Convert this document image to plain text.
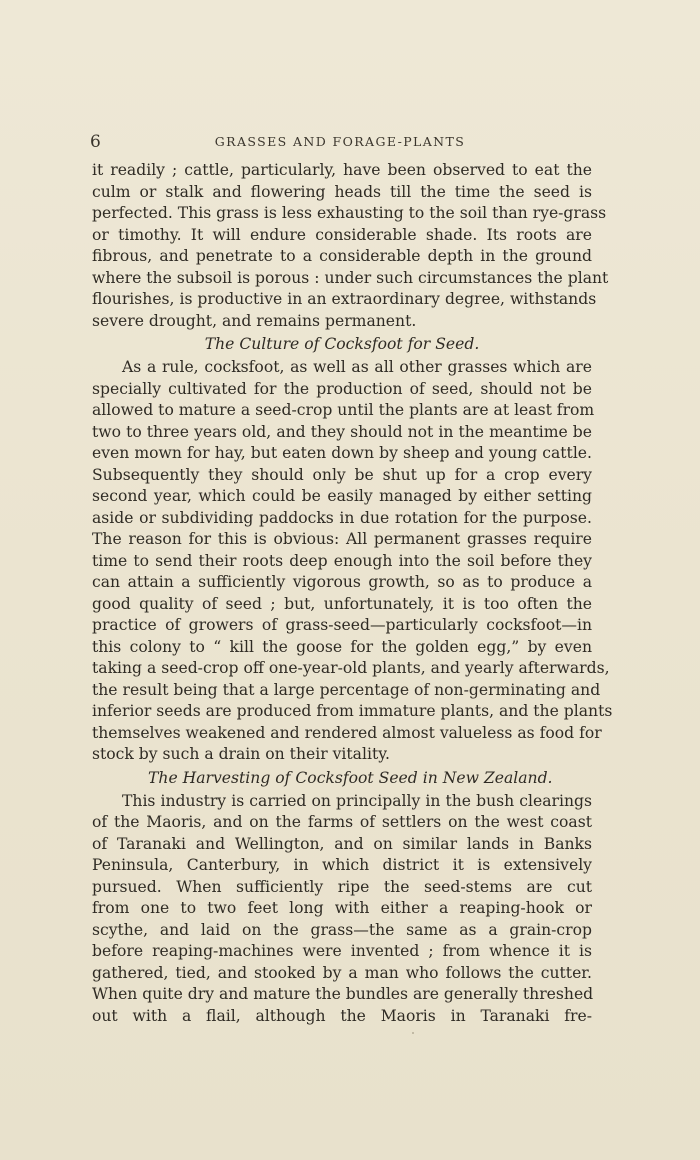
6	GRASSES AND FORAGE-PLANTS
it readily ; cattle, particularly, have been observed to eat the
culm or stalk and flowering heads till the time the seed is
perfected. This grass is less exhausting to the soil than rye-grass
or timothy. It will endure considerable shade. Its roots are
fibrous, and penetrate to a considerable depth in the ground
where the subsoil is porous : under such circumstances the plant
flourishes, is productive in an extraordinary degree, withstands
severe drought, and remains permanent.
The Culture of Cocksfoot for Seed.
As a rule, cocksfoot, as well as all other grasses which are
specially cultivated for the production of seed, should not be
allowed to mature a seed-crop until the plants are at least from
two to three years old, and they should not in the meantime be
even mown for hay, but eaten down by sheep and young cattle.
Subsequently they should only be shut up for a crop every
second year, which could be easily managed by either setting
aside or subdividing paddocks in due rotation for the purpose.
The reason for this is obvious: All permanent grasses require
time to send their roots deep enough into the soil before they
can attain a sufficiently vigorous growth, so as to produce a
good quality of seed ; but, unfortunately, it is too often the
practice of growers of grass-seed—particularly cocksfoot—in
this colony to “ kill the goose for the golden egg,” by even
taking a seed-crop off one-year-old plants, and yearly afterwards,
the result being that a large percentage of non-germinating and
inferior seeds are produced from immature plants, and the plants
themselves weakened and rendered almost valueless as food for
stock by such a drain on their vitality.
The Harvesting of Cocksfoot Seed in New Zealand.
This industry is carried on principally in the bush clearings
of the Maoris, and on the farms of settlers on the west coast
of Taranaki and Wellington, and on similar lands in Banks
Peninsula, Canterbury, in which district it is extensively
pursued. When sufficiently ripe the seed-stems are cut
from one to two feet long with either a reaping-hook or
scythe, and laid on the grass—the same as a grain-crop
before reaping-machines were invented ; from whence it is
gathered, tied, and stooked by a man who follows the cutter.
When quite dry and mature the bundles are generally threshed
out with a flail, although the Maoris in Taranaki fre-
